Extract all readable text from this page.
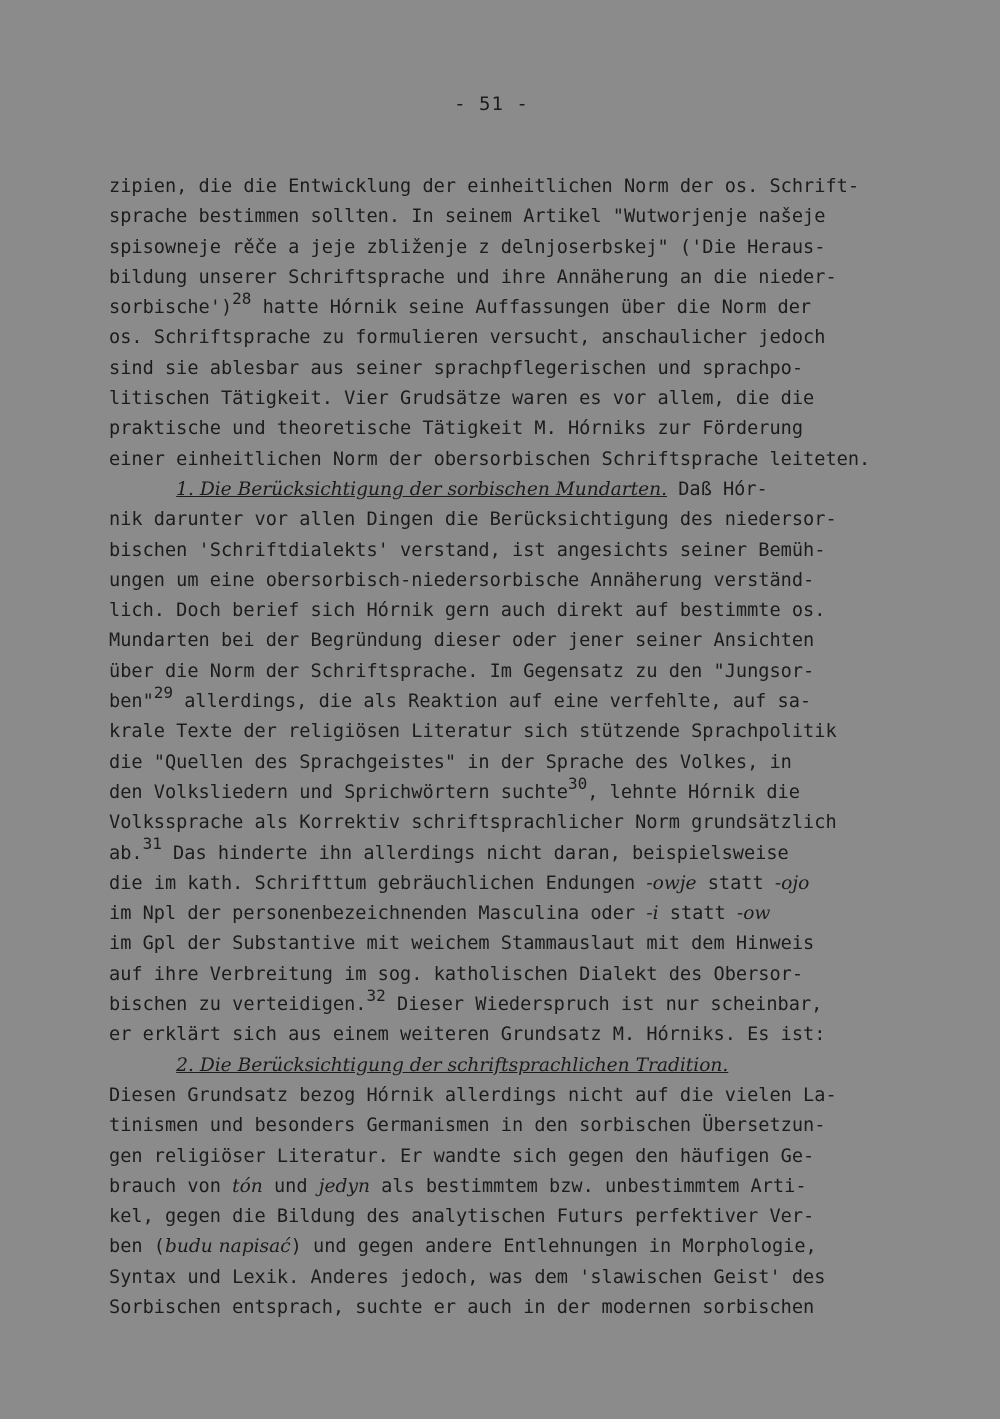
- 51 -
zipien, die die Entwicklung der einheitlichen Norm der os. Schrift-
sprache bestimmen sollten. In seinem Artikel "Wutworjenje našeje
spisowneje rěče a jeje zbliženje z delnjoserbskej" ('Die Heraus-
bildung unserer Schriftsprache und ihre Annäherung an die nieder-
sorbische')$^{28}$ hatte Hórnik seine Auffassungen über die Norm der
os. Schriftsprache zu formulieren versucht, anschaulicher jedoch
sind sie ablesbar aus seiner sprachpflegerischen und sprachpo-
litischen Tätigkeit. Vier Grudsätze waren es vor allem, die die
praktische und theoretische Tätigkeit M. Hórniks zur Förderung
einer einheitlichen Norm der obersorbischen Schriftsprache leiteten.
1. Die Berücksichtigung der sorbischen Mundarten. Daß Hór-
nik darunter vor allen Dingen die Berücksichtigung des niedersor-
bischen 'Schriftdialekts' verstand, ist angesichts seiner Bemüh-
ungen um eine obersorbisch-niedersorbische Annäherung verständ-
lich. Doch berief sich Hórnik gern auch direkt auf bestimmte os.
Mundarten bei der Begründung dieser oder jener seiner Ansichten
über die Norm der Schriftsprache. Im Gegensatz zu den "Jungsor-
ben"$^{29}$ allerdings, die als Reaktion auf eine verfehlte, auf sa-
krale Texte der religiösen Literatur sich stützende Sprachpolitik
die "Quellen des Sprachgeistes" in der Sprache des Volkes, in
den Volksliedern und Sprichwörtern suchte$^{30}$, lehnte Hórnik die
Volkssprache als Korrektiv schriftsprachlicher Norm grundsätzlich
ab.$^{31}$ Das hinderte ihn allerdings nicht daran, beispielsweise
die im kath. Schrifttum gebräuchlichen Endungen -owje statt -ojo
im Npl der personenbezeichnenden Masculina oder -i statt -ow
im Gpl der Substantive mit weichem Stammauslaut mit dem Hinweis
auf ihre Verbreitung im sog. katholischen Dialekt des Obersor-
bischen zu verteidigen.$^{32}$ Dieser Wiederspruch ist nur scheinbar,
er erklärt sich aus einem weiteren Grundsatz M. Hórniks. Es ist:
2. Die Berücksichtigung der schriftsprachlichen Tradition.
Diesen Grundsatz bezog Hórnik allerdings nicht auf die vielen La-
tinismen und besonders Germanismen in den sorbischen Übersetzun-
gen religiöser Literatur. Er wandte sich gegen den häufigen Ge-
brauch von tón und jedyn als bestimmtem bzw. unbestimmtem Arti-
kel, gegen die Bildung des analytischen Futurs perfektiver Ver-
ben (budu napisać) und gegen andere Entlehnungen in Morphologie,
Syntax und Lexik. Anderes jedoch, was dem 'slawischen Geist' des
Sorbischen entsprach, suchte er auch in der modernen sorbischen
